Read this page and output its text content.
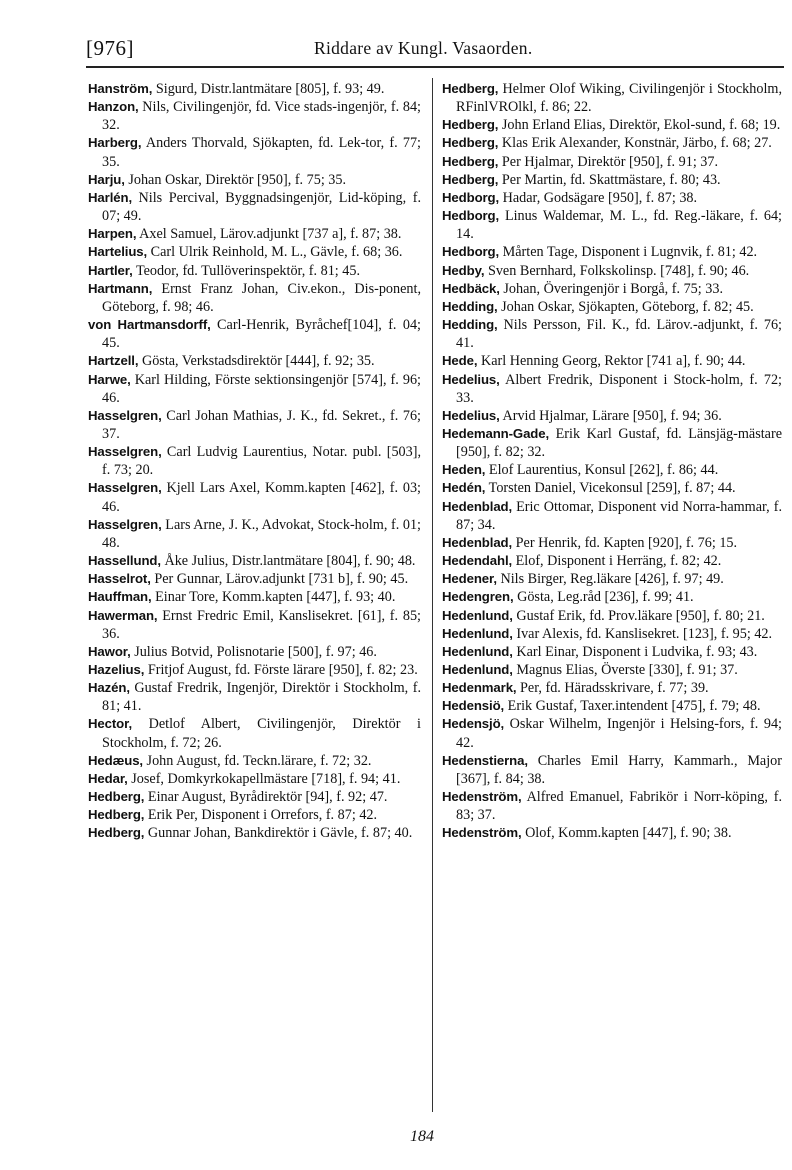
[976]	Riddare av Kungl. Vasaorden.

Hanström, Sigurd, Distr.lantmätare [805], f. 93; 49.

Hanzon, Nils, Civilingenjör, fd. Vice stads-ingenjör, f. 84; 32.

Harberg, Anders Thorvald, Sjökapten, fd. Lek-tor, f. 77; 35.

Harju, Johan Oskar, Direktör [950], f. 75; 35.

Harlén, Nils Percival, Byggnadsingenjör, Lid-köping, f. 07; 49.

Harpen, Axel Samuel, Lärov.adjunkt [737 a], f. 87; 38.

Hartelius, Carl Ulrik Reinhold, M. L., Gävle, f. 68; 36.

Hartler, Teodor, fd. Tullöverinspektör, f. 81; 45.

Hartmann, Ernst Franz Johan, Civ.ekon., Dis-ponent, Göteborg, f. 98; 46.

von Hartmansdorff, Carl-Henrik, Byråchef[104], f. 04; 45.

Hartzell, Gösta, Verkstadsdirektör [444], f. 92; 35.

Harwe, Karl Hilding, Förste sektionsingenjör [574], f. 96; 46.

Hasselgren, Carl Johan Mathias, J. K., fd. Sekret., f. 76; 37.

Hasselgren, Carl Ludvig Laurentius, Notar. publ. [503], f. 73; 20.

Hasselgren, Kjell Lars Axel, Komm.kapten [462], f. 03; 46.

Hasselgren, Lars Arne, J. K., Advokat, Stock-holm, f. 01; 48.

Hassellund, Åke Julius, Distr.lantmätare [804], f. 90; 48.

Hasselrot, Per Gunnar, Lärov.adjunkt [731 b], f. 90; 45.

Hauffman, Einar Tore, Komm.kapten [447], f. 93; 40.

Hawerman, Ernst Fredric Emil, Kanslisekret. [61], f. 85; 36.

Hawor, Julius Botvid, Polisnotarie [500], f. 97; 46.

Hazelius, Fritjof August, fd. Förste lärare [950], f. 82; 23.

Hazén, Gustaf Fredrik, Ingenjör, Direktör i Stockholm, f. 81; 41.

Hector, Detlof Albert, Civilingenjör, Direktör i Stockholm, f. 72; 26.

Hedæus, John August, fd. Teckn.lärare, f. 72; 32.

Hedar, Josef, Domkyrkokapellmästare [718], f. 94; 41.

Hedberg, Einar August, Byrådirektör [94], f. 92; 47.

Hedberg, Erik Per, Disponent i Orrefors, f. 87; 42.

Hedberg, Gunnar Johan, Bankdirektör i Gävle, f. 87; 40.

Hedberg, Helmer Olof Wiking, Civilingenjör i Stockholm, RFinlVROlkl, f. 86; 22.

Hedberg, John Erland Elias, Direktör, Ekol-sund, f. 68; 19.

Hedberg, Klas Erik Alexander, Konstnär, Järbo, f. 68; 27.

Hedberg, Per Hjalmar, Direktör [950], f. 91; 37.

Hedberg, Per Martin, fd. Skattmästare, f. 80; 43.

Hedborg, Hadar, Godsägare [950], f. 87; 38.

Hedborg, Linus Waldemar, M. L., fd. Reg.-läkare, f. 64; 14.

Hedborg, Mårten Tage, Disponent i Lugnvik, f. 81; 42.

Hedby, Sven Bernhard, Folkskolinsp. [748], f. 90; 46.

Hedbäck, Johan, Överingenjör i Borgå, f. 75; 33.

Hedding, Johan Oskar, Sjökapten, Göteborg, f. 82; 45.

Hedding, Nils Persson, Fil. K., fd. Lärov.-adjunkt, f. 76; 41.

Hede, Karl Henning Georg, Rektor [741 a], f. 90; 44.

Hedelius, Albert Fredrik, Disponent i Stock-holm, f. 72; 33.

Hedelius, Arvid Hjalmar, Lärare [950], f. 94; 36.

Hedemann-Gade, Erik Karl Gustaf, fd. Länsjäg-mästare [950], f. 82; 32.

Heden, Elof Laurentius, Konsul [262], f. 86; 44.

Hedén, Torsten Daniel, Vicekonsul [259], f. 87; 44.

Hedenblad, Eric Ottomar, Disponent vid Norra-hammar, f. 87; 34.

Hedenblad, Per Henrik, fd. Kapten [920], f. 76; 15.

Hedendahl, Elof, Disponent i Herräng, f. 82; 42.

Hedener, Nils Birger, Reg.läkare [426], f. 97; 49.

Hedengren, Gösta, Leg.råd [236], f. 99; 41.

Hedenlund, Gustaf Erik, fd. Prov.läkare [950], f. 80; 21.

Hedenlund, Ivar Alexis, fd. Kanslisekret. [123], f. 95; 42.

Hedenlund, Karl Einar, Disponent i Ludvika, f. 93; 43.

Hedenlund, Magnus Elias, Överste [330], f. 91; 37.

Hedenmark, Per, fd. Häradsskrivare, f. 77; 39.

Hedensiö, Erik Gustaf, Taxer.intendent [475], f. 79; 48.

Hedensjö, Oskar Wilhelm, Ingenjör i Helsing-fors, f. 94; 42.

Hedenstierna, Charles Emil Harry, Kammarh., Major [367], f. 84; 38.

Hedenström, Alfred Emanuel, Fabrikör i Norr-köping, f. 83; 37.

Hedenström, Olof, Komm.kapten [447], f. 90; 38.

184
